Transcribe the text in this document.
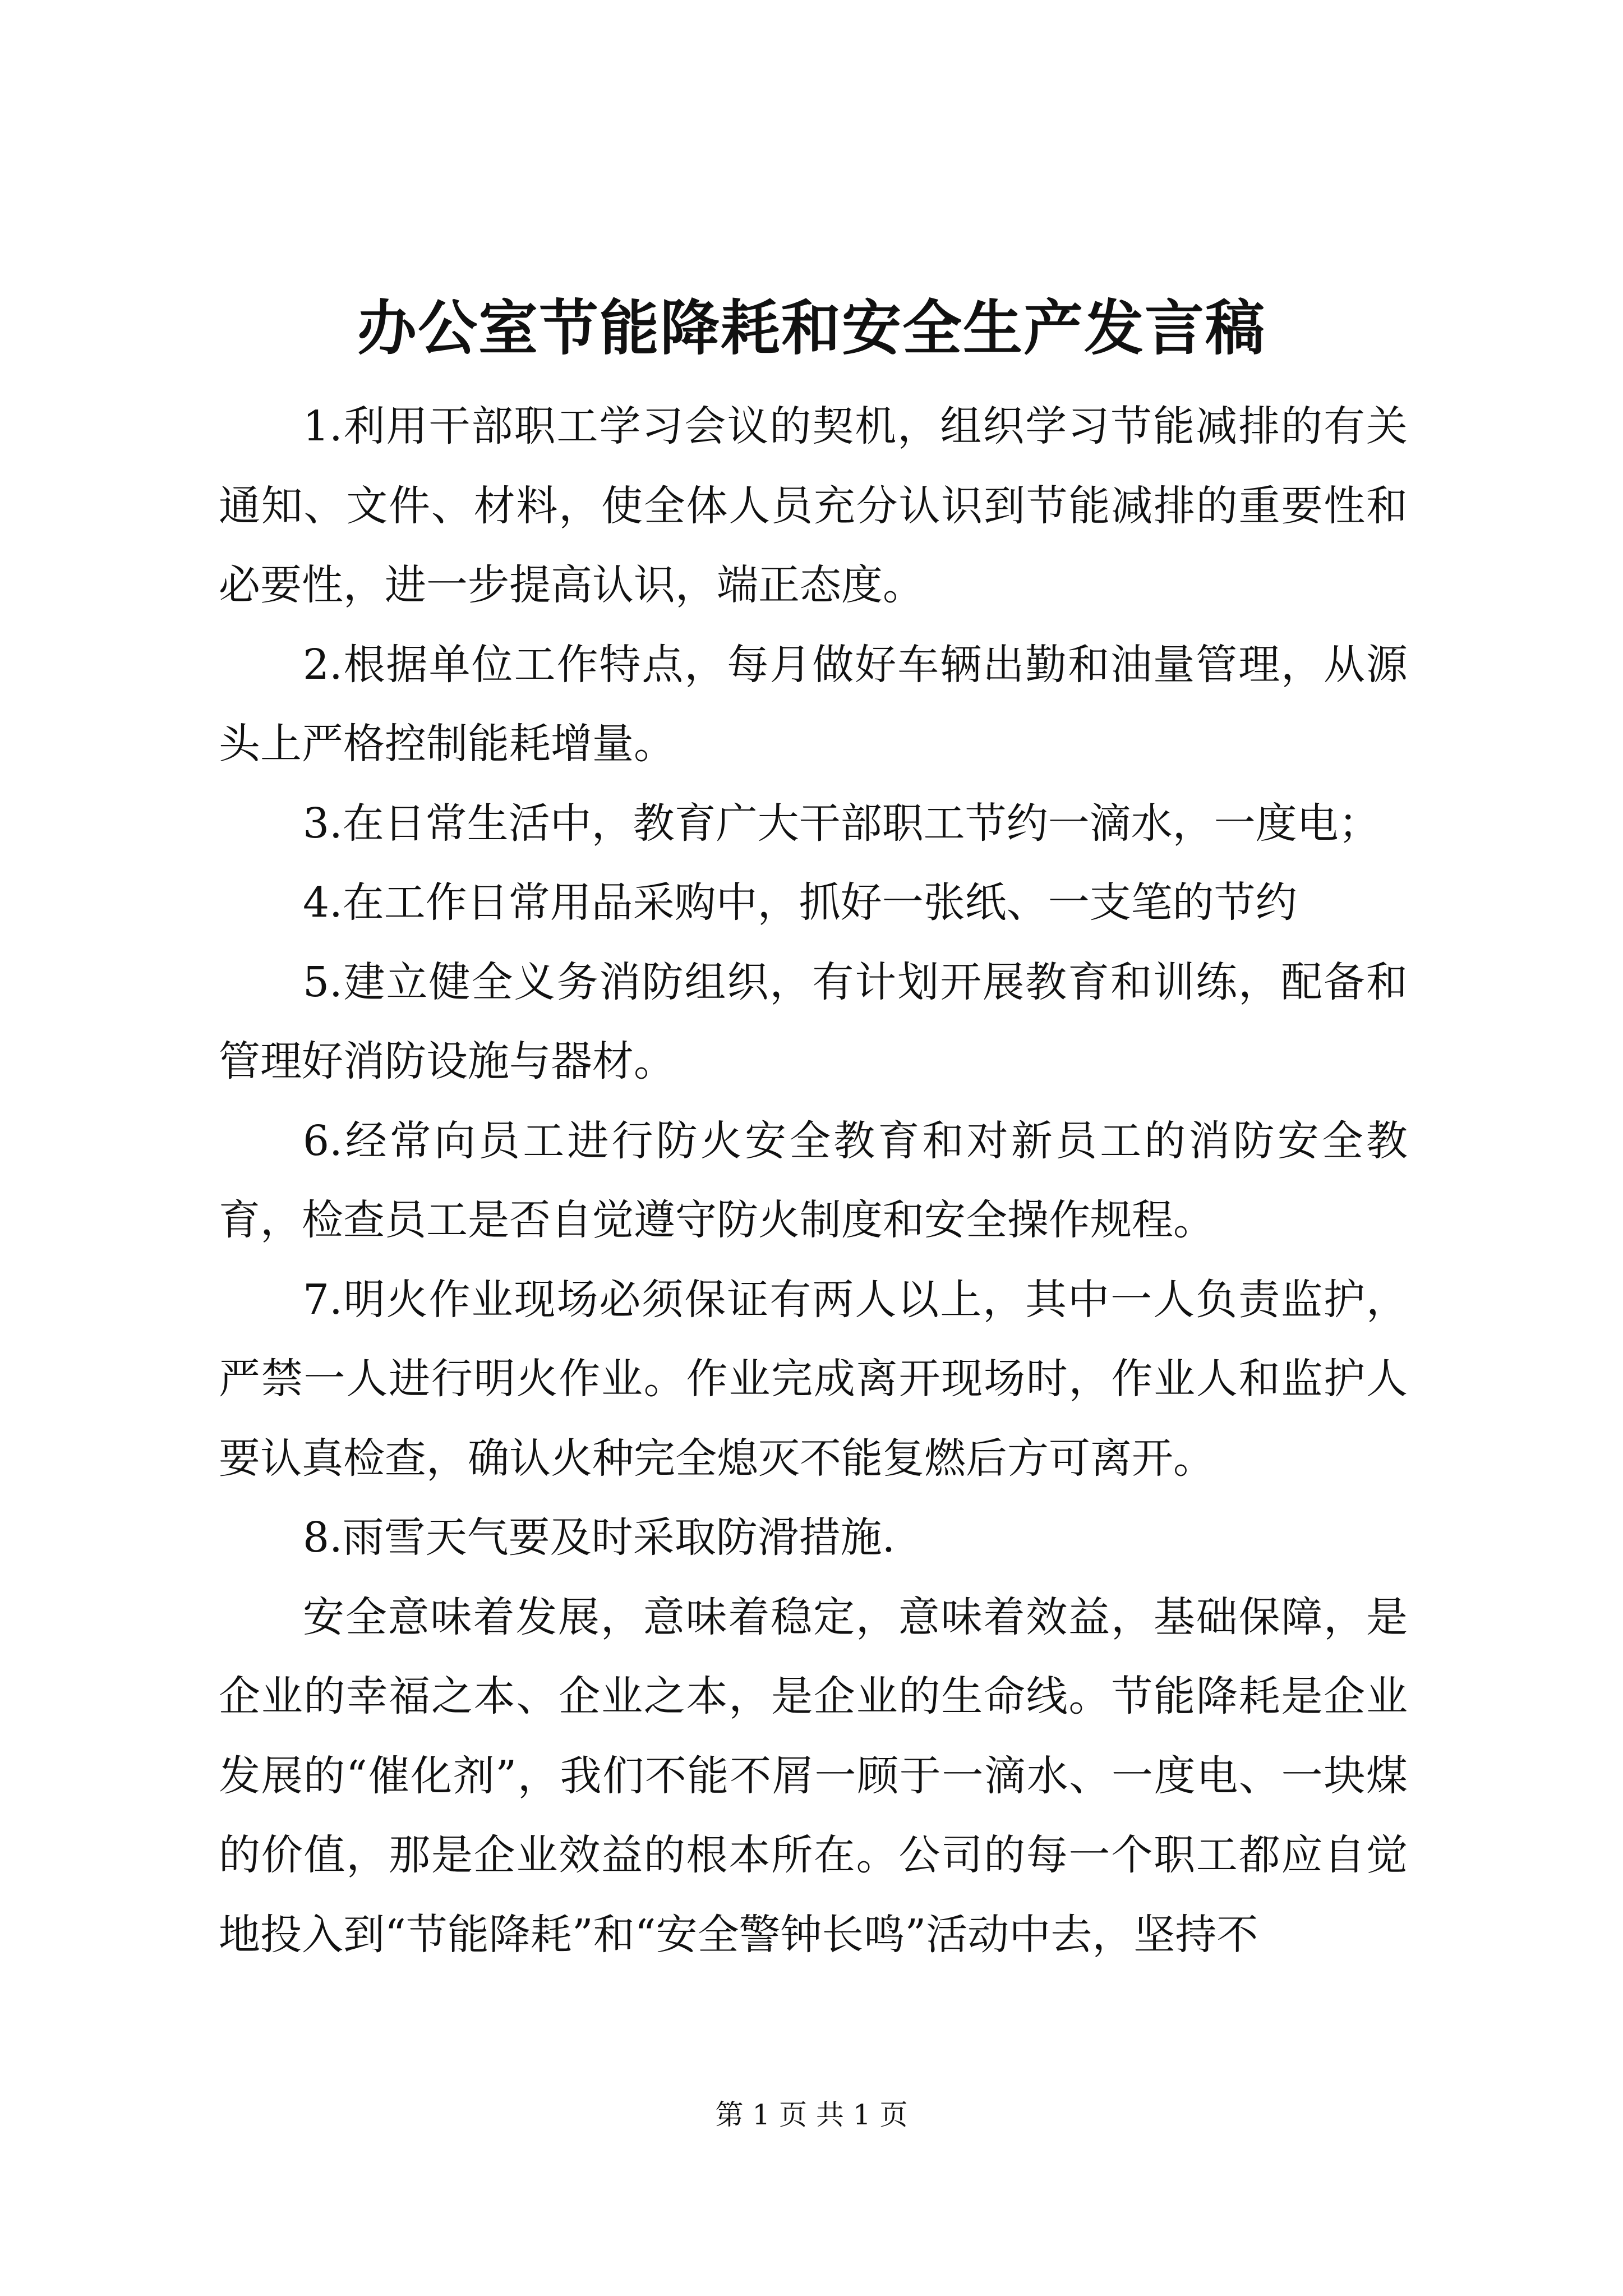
办公室节能降耗和安全生产发言稿

1.利用干部职工学习会议的契机，组织学习节能减排的有关通知、文件、材料，使全体人员充分认识到节能减排的重要性和必要性，进一步提高认识，端正态度。

2.根据单位工作特点，每月做好车辆出勤和油量管理，从源头上严格控制能耗增量。

3.在日常生活中，教育广大干部职工节约一滴水，一度电；

4.在工作日常用品采购中，抓好一张纸、一支笔的节约

5.建立健全义务消防组织，有计划开展教育和训练，配备和管理好消防设施与器材。

6.经常向员工进行防火安全教育和对新员工的消防安全教育，检查员工是否自觉遵守防火制度和安全操作规程。

7.明火作业现场必须保证有两人以上，其中一人负责监护，严禁一人进行明火作业。作业完成离开现场时，作业人和监护人要认真检查，确认火种完全熄灭不能复燃后方可离开。

8.雨雪天气要及时采取防滑措施.

安全意味着发展，意味着稳定，意味着效益，基础保障，是企业的幸福之本、企业之本，是企业的生命线。节能降耗是企业发展的“催化剂”，我们不能不屑一顾于一滴水、一度电、一块煤的价值，那是企业效益的根本所在。公司的每一个职工都应自觉地投入到“节能降耗”和“安全警钟长鸣”活动中去，坚持不

第 1 页 共 1 页
